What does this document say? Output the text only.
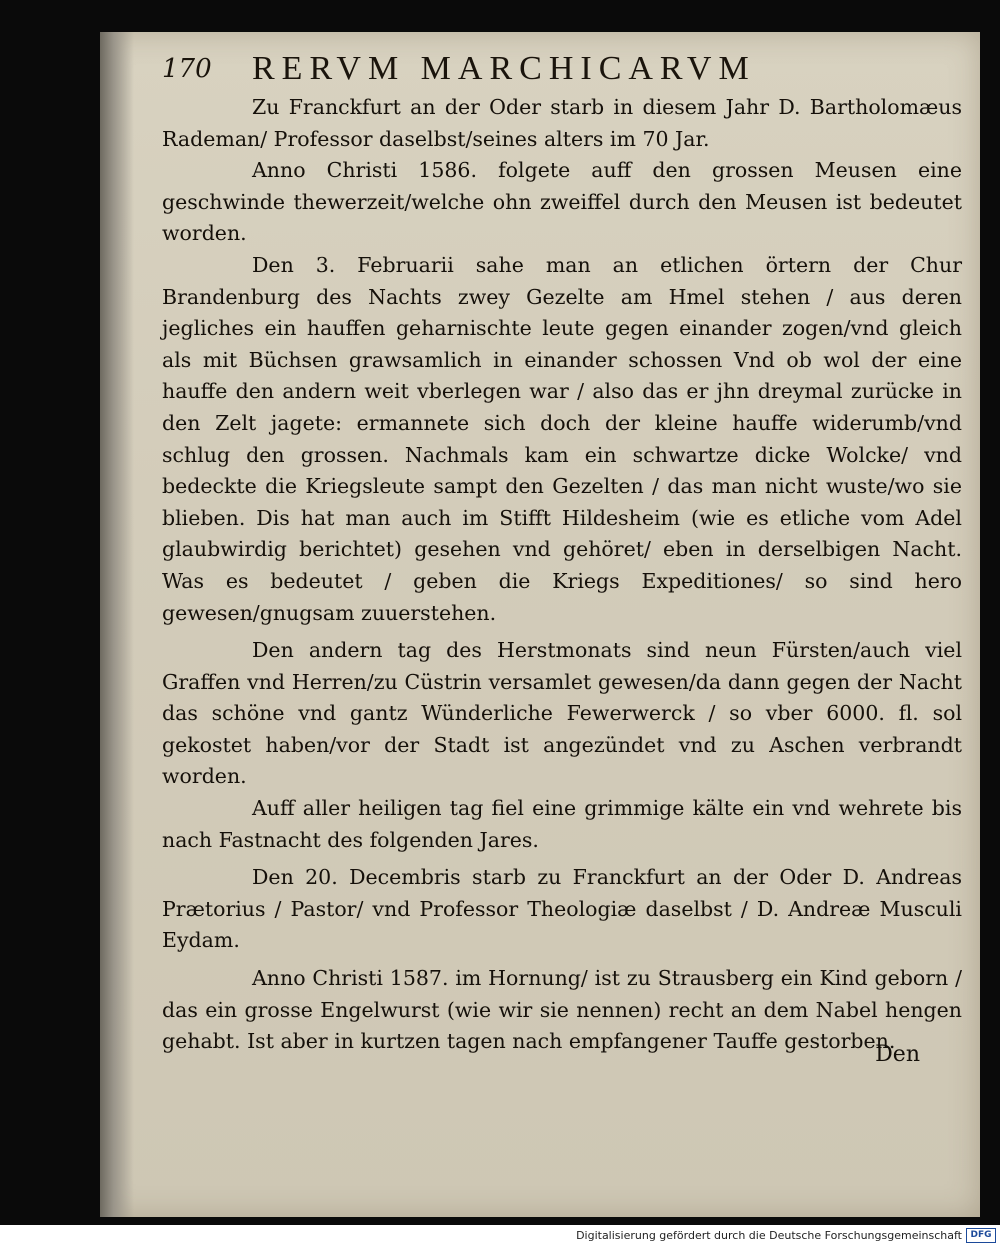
170 RERVM MARCHICARVM

Zu Franckfurt an der Oder starb in diesem Jahr D. Bartholomæus Rademan/ Professor daselbst/seines alters im 70 Jar.

Anno Christi 1586. folgete auff den grossen Meusen eine geschwinde thewerzeit/welche ohn zweiffel durch den Meusen ist bedeutet worden.

Den 3. Februarii sahe man an etlichen örtern der Chur Brandenburg des Nachts zwey Gezelte am Hmel stehen / aus deren jegliches ein hauffen geharnischte leute gegen einander zogen/vnd gleich als mit Büchsen grawsamlich in einander schossen Vnd ob wol der eine hauffe den andern weit vberlegen war / also das er jhn dreymal zurücke in den Zelt jagete: ermannete sich doch der kleine hauffe widerumb/vnd schlug den grossen. Nachmals kam ein schwartze dicke Wolcke/ vnd bedeckte die Kriegsleute sampt den Gezelten / das man nicht wuste/wo sie blieben. Dis hat man auch im Stifft Hildesheim (wie es etliche vom Adel glaubwirdig berichtet) gesehen vnd gehöret/ eben in derselbigen Nacht. Was es bedeutet / geben die Kriegs Expeditiones/ so sind hero gewesen/gnugsam zuuerstehen.

Den andern tag des Herstmonats sind neun Fürsten/auch viel Graffen vnd Herren/zu Cüstrin versamlet gewesen/da dann gegen der Nacht das schöne vnd gantz Wünderliche Fewerwerck / so vber 6000. fl. sol gekostet haben/vor der Stadt ist angezündet vnd zu Aschen verbrandt worden.

Auff aller heiligen tag fiel eine grimmige kälte ein vnd wehrete bis nach Fastnacht des folgenden Jares.

Den 20. Decembris starb zu Franckfurt an der Oder D. Andreas Prætorius / Pastor/ vnd Professor Theologiæ daselbst / D. Andreæ Musculi Eydam.

Anno Christi 1587. im Hornung/ ist zu Strausberg ein Kind geborn / das ein grosse Engelwurst (wie wir sie nennen) recht an dem Nabel hengen gehabt. Ist aber in kurtzen tagen nach empfangener Tauffe gestorben.

Den
Digitalisierung gefördert durch die Deutsche Forschungsgemeinschaft DFG
